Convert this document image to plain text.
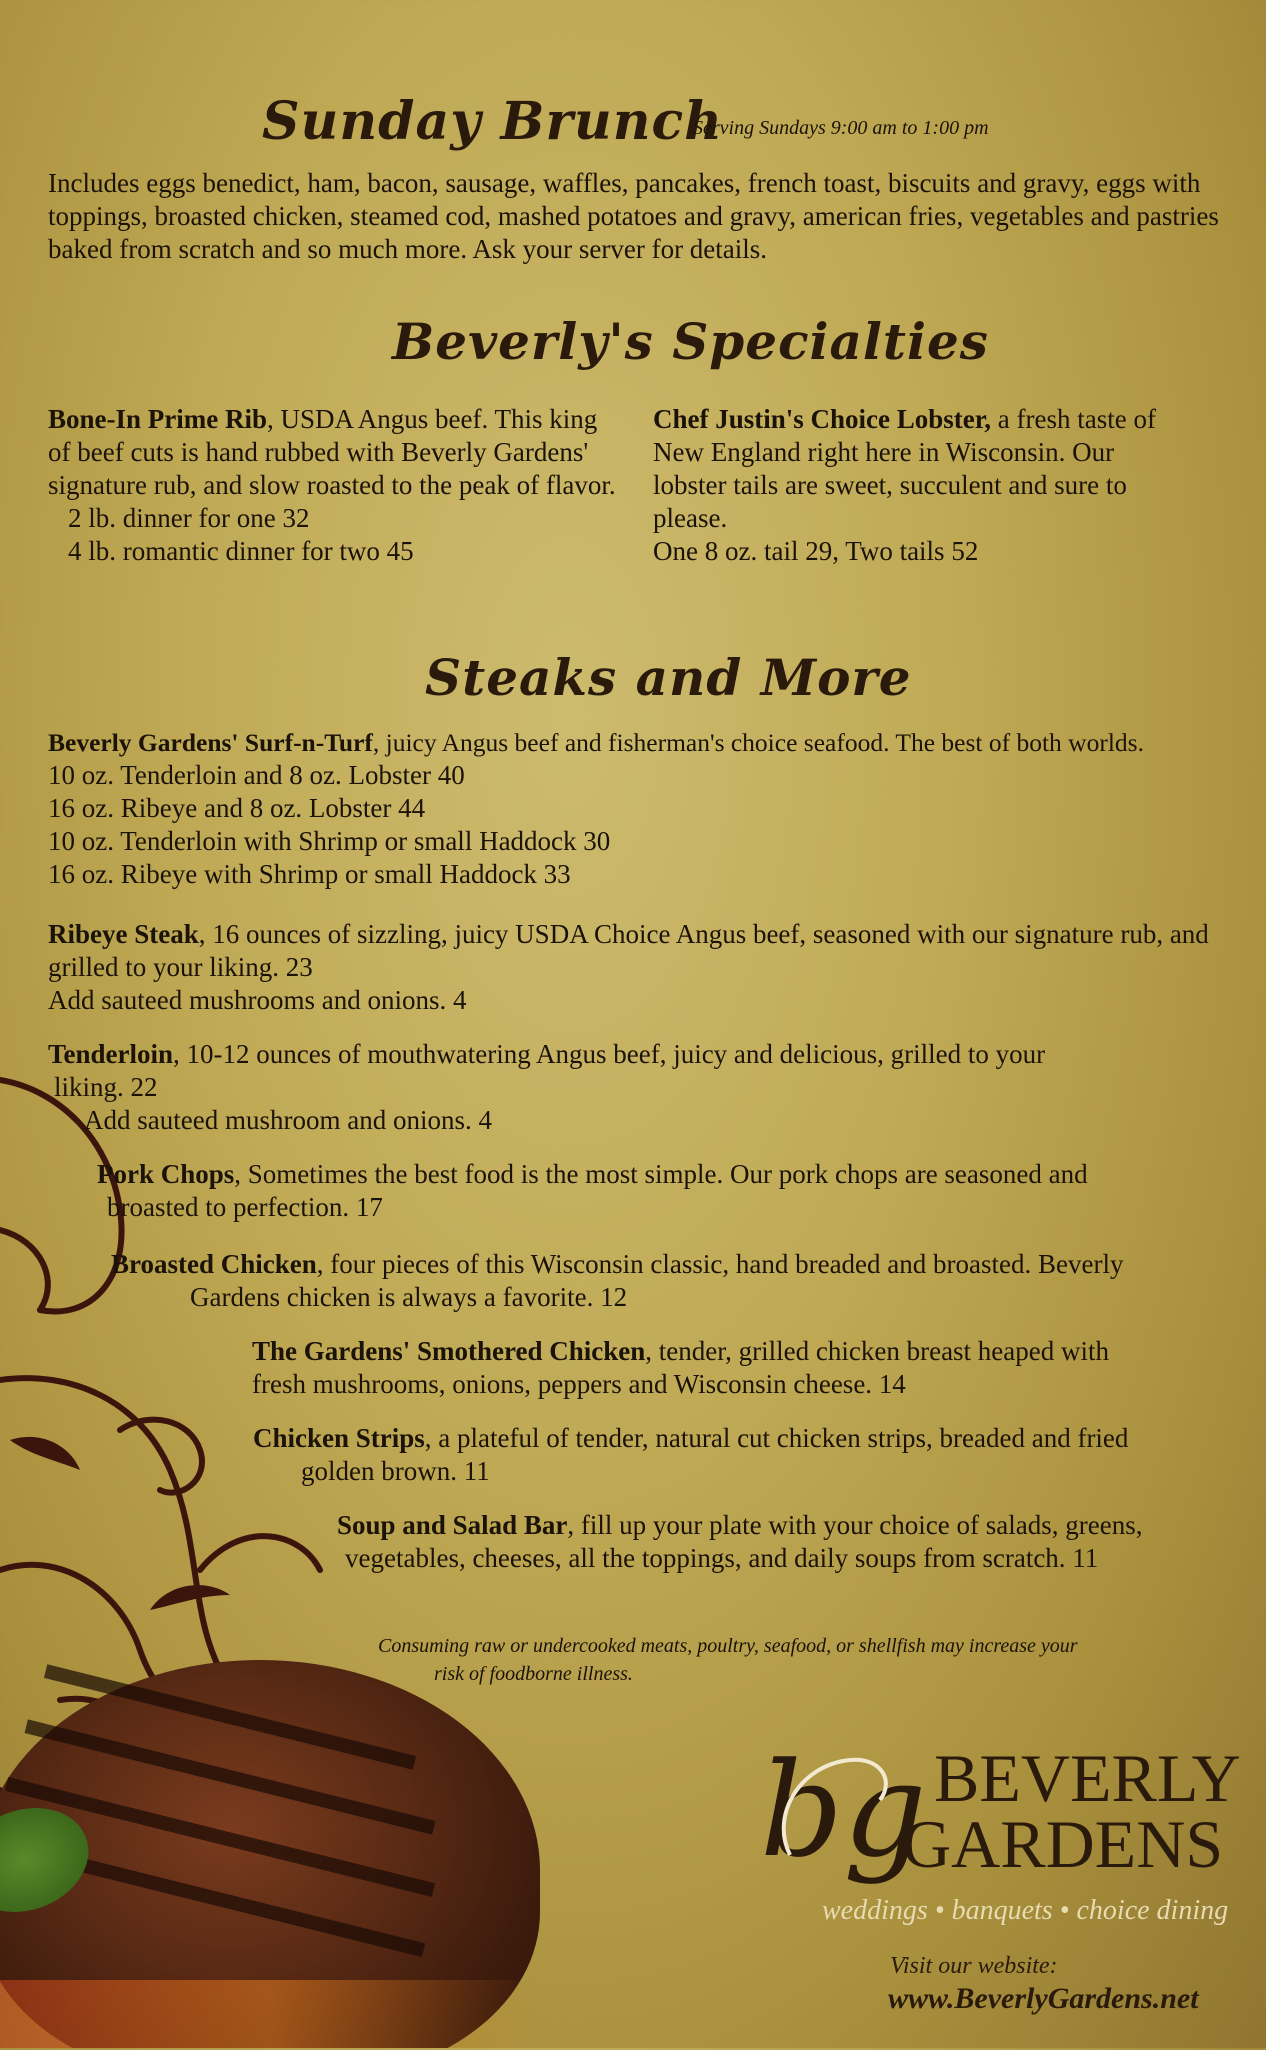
Sunday Brunch
Serving Sundays 9:00 am to 1:00 pm
Includes eggs benedict, ham, bacon, sausage, waffles, pancakes, french toast, biscuits and gravy, eggs with toppings, broasted chicken, steamed cod, mashed potatoes and gravy, american fries, vegetables and pastries baked from scratch and so much more. Ask your server for details.
Beverly's Specialties
Bone-In Prime Rib, USDA Angus beef. This king of beef cuts is hand rubbed with Beverly Gardens' signature rub, and slow roasted to the peak of flavor.
2 lb. dinner for one 32
4 lb. romantic dinner for two 45
Chef Justin's Choice Lobster, a fresh taste of New England right here in Wisconsin. Our lobster tails are sweet, succulent and sure to please.
One 8 oz. tail 29, Two tails 52
Steaks and More
Beverly Gardens' Surf-n-Turf, juicy Angus beef and fisherman's choice seafood. The best of both worlds.
10 oz. Tenderloin and 8 oz. Lobster 40
16 oz. Ribeye and 8 oz. Lobster 44
10 oz. Tenderloin with Shrimp or small Haddock 30
16 oz. Ribeye with Shrimp or small Haddock 33
Ribeye Steak, 16 ounces of sizzling, juicy USDA Choice Angus beef, seasoned with our signature rub, and grilled to your liking. 23
Add sauteed mushrooms and onions. 4
Tenderloin, 10-12 ounces of mouthwatering Angus beef, juicy and delicious, grilled to your
liking. 22
Add sauteed mushroom and onions. 4
Pork Chops, Sometimes the best food is the most simple. Our pork chops are seasoned and
broasted to perfection. 17
Broasted Chicken, four pieces of this Wisconsin classic, hand breaded and broasted. Beverly
Gardens chicken is always a favorite. 12
The Gardens' Smothered Chicken, tender, grilled chicken breast heaped with
fresh mushrooms, onions, peppers and Wisconsin cheese. 14
Chicken Strips, a plateful of tender, natural cut chicken strips, breaded and fried
golden brown. 11
Soup and Salad Bar, fill up your plate with your choice of salads, greens,
vegetables, cheeses, all the toppings, and daily soups from scratch. 11
Consuming raw or undercooked meats, poultry, seafood, or shellfish may increase your
risk of foodborne illness.
bg BEVERLY
GARDENS
weddings • banquets • choice dining
Visit our website:
www.BeverlyGardens.net
